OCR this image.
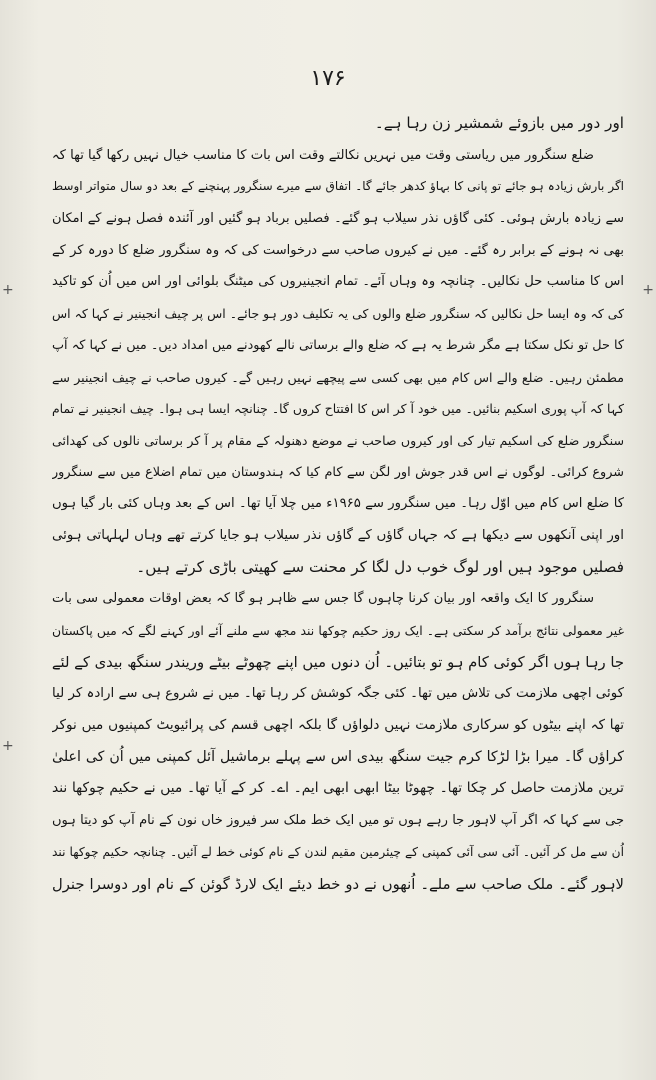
۱۷۶
+
+
+
اور دور میں بازوئے شمشیر زن رہا ہے۔
ضلع سنگرور میں ریاستی وقت میں نہریں نکالتے وقت اس بات کا مناسب خیال نہیں رکھا گیا تھا کہ
اگر بارش زیادہ ہو جائے تو پانی کا بہاؤ کدھر جائے گا۔ اتفاق سے میرے سنگرور پہنچنے کے بعد دو سال متواتر اوسط
سے زیادہ بارش ہوئی۔ کئی گاؤں نذر سیلاب ہو گئے۔ فصلیں برباد ہو گئیں اور آئندہ فصل ہونے کے امکان
بھی نہ ہونے کے برابر رہ گئے۔ میں نے کیروں صاحب سے درخواست کی کہ وہ سنگرور ضلع کا دورہ کر کے
اس کا مناسب حل نکالیں۔ چنانچہ وہ وہاں آئے۔ تمام انجینیروں کی میٹنگ بلوائی اور اس میں اُن کو تاکید
کی کہ وہ ایسا حل نکالیں کہ سنگرور ضلع والوں کی یہ تکلیف دور ہو جائے۔ اس پر چیف انجینیر نے کہا کہ اس
کا حل تو نکل سکتا ہے مگر شرط یہ ہے کہ ضلع والے برساتی نالے کھودنے میں امداد دیں۔ میں نے کہا کہ آپ
مطمئن رہیں۔ ضلع والے اس کام میں بھی کسی سے پیچھے نہیں رہیں گے۔ کیروں صاحب نے چیف انجینیر سے
کہا کہ آپ پوری اسکیم بنائیں۔ میں خود آ کر اس کا افتتاح کروں گا۔ چنانچہ ایسا ہی ہوا۔ چیف انجینیر نے تمام
سنگرور ضلع کی اسکیم تیار کی اور کیروں صاحب نے موضع دھنولہ کے مقام پر آ کر برساتی نالوں کی کھدائی
شروع کرائی۔ لوگوں نے اس قدر جوش اور لگن سے کام کیا کہ ہندوستان میں تمام اضلاع میں سے سنگرور
کا ضلع اس کام میں اوّل رہا۔ میں سنگرور سے ۱۹۶۵ء میں چلا آیا تھا۔ اس کے بعد وہاں کئی بار گیا ہوں
اور اپنی آنکھوں سے دیکھا ہے کہ جہاں گاؤں کے گاؤں نذر سیلاب ہو جایا کرتے تھے وہاں لہلہاتی ہوئی
فصلیں موجود ہیں اور لوگ خوب دل لگا کر محنت سے کھیتی باڑی کرتے ہیں۔
سنگرور کا ایک واقعہ اور بیان کرنا چاہوں گا جس سے ظاہر ہو گا کہ بعض اوقات معمولی سی بات
غیر معمولی نتائج برآمد کر سکتی ہے۔ ایک روز حکیم چوکھا نند مجھ سے ملنے آئے اور کہنے لگے کہ میں پاکستان
جا رہا ہوں اگر کوئی کام ہو تو بتائیں۔ اُن دنوں میں اپنے چھوٹے بیٹے وریندر سنگھ بیدی کے لئے
کوئی اچھی ملازمت کی تلاش میں تھا۔ کئی جگہ کوشش کر رہا تھا۔ میں نے شروع ہی سے ارادہ کر لیا
تھا کہ اپنے بیٹوں کو سرکاری ملازمت نہیں دلواؤں گا بلکہ اچھی قسم کی پرائیویٹ کمپنیوں میں نوکر
کراؤں گا۔ میرا بڑا لڑکا کرم جیت سنگھ بیدی اس سے پہلے برماشیل آئل کمپنی میں اُن کی اعلیٰ
ترین ملازمت حاصل کر چکا تھا۔ چھوٹا بیٹا ابھی ابھی ایم۔ اے۔ کر کے آیا تھا۔ میں نے حکیم چوکھا نند
جی سے کہا کہ اگر آپ لاہور جا رہے ہوں تو میں ایک خط ملک سر فیروز خاں نون کے نام آپ کو دیتا ہوں
اُن سے مل کر آئیں۔ آئی سی آئی کمپنی کے چیئرمین مقیم لندن کے نام کوئی خط لے آئیں۔ چنانچہ حکیم چوکھا نند
لاہور گئے۔ ملک صاحب سے ملے۔ اُنھوں نے دو خط دیئے ایک لارڈ گوئن کے نام اور دوسرا جنرل
